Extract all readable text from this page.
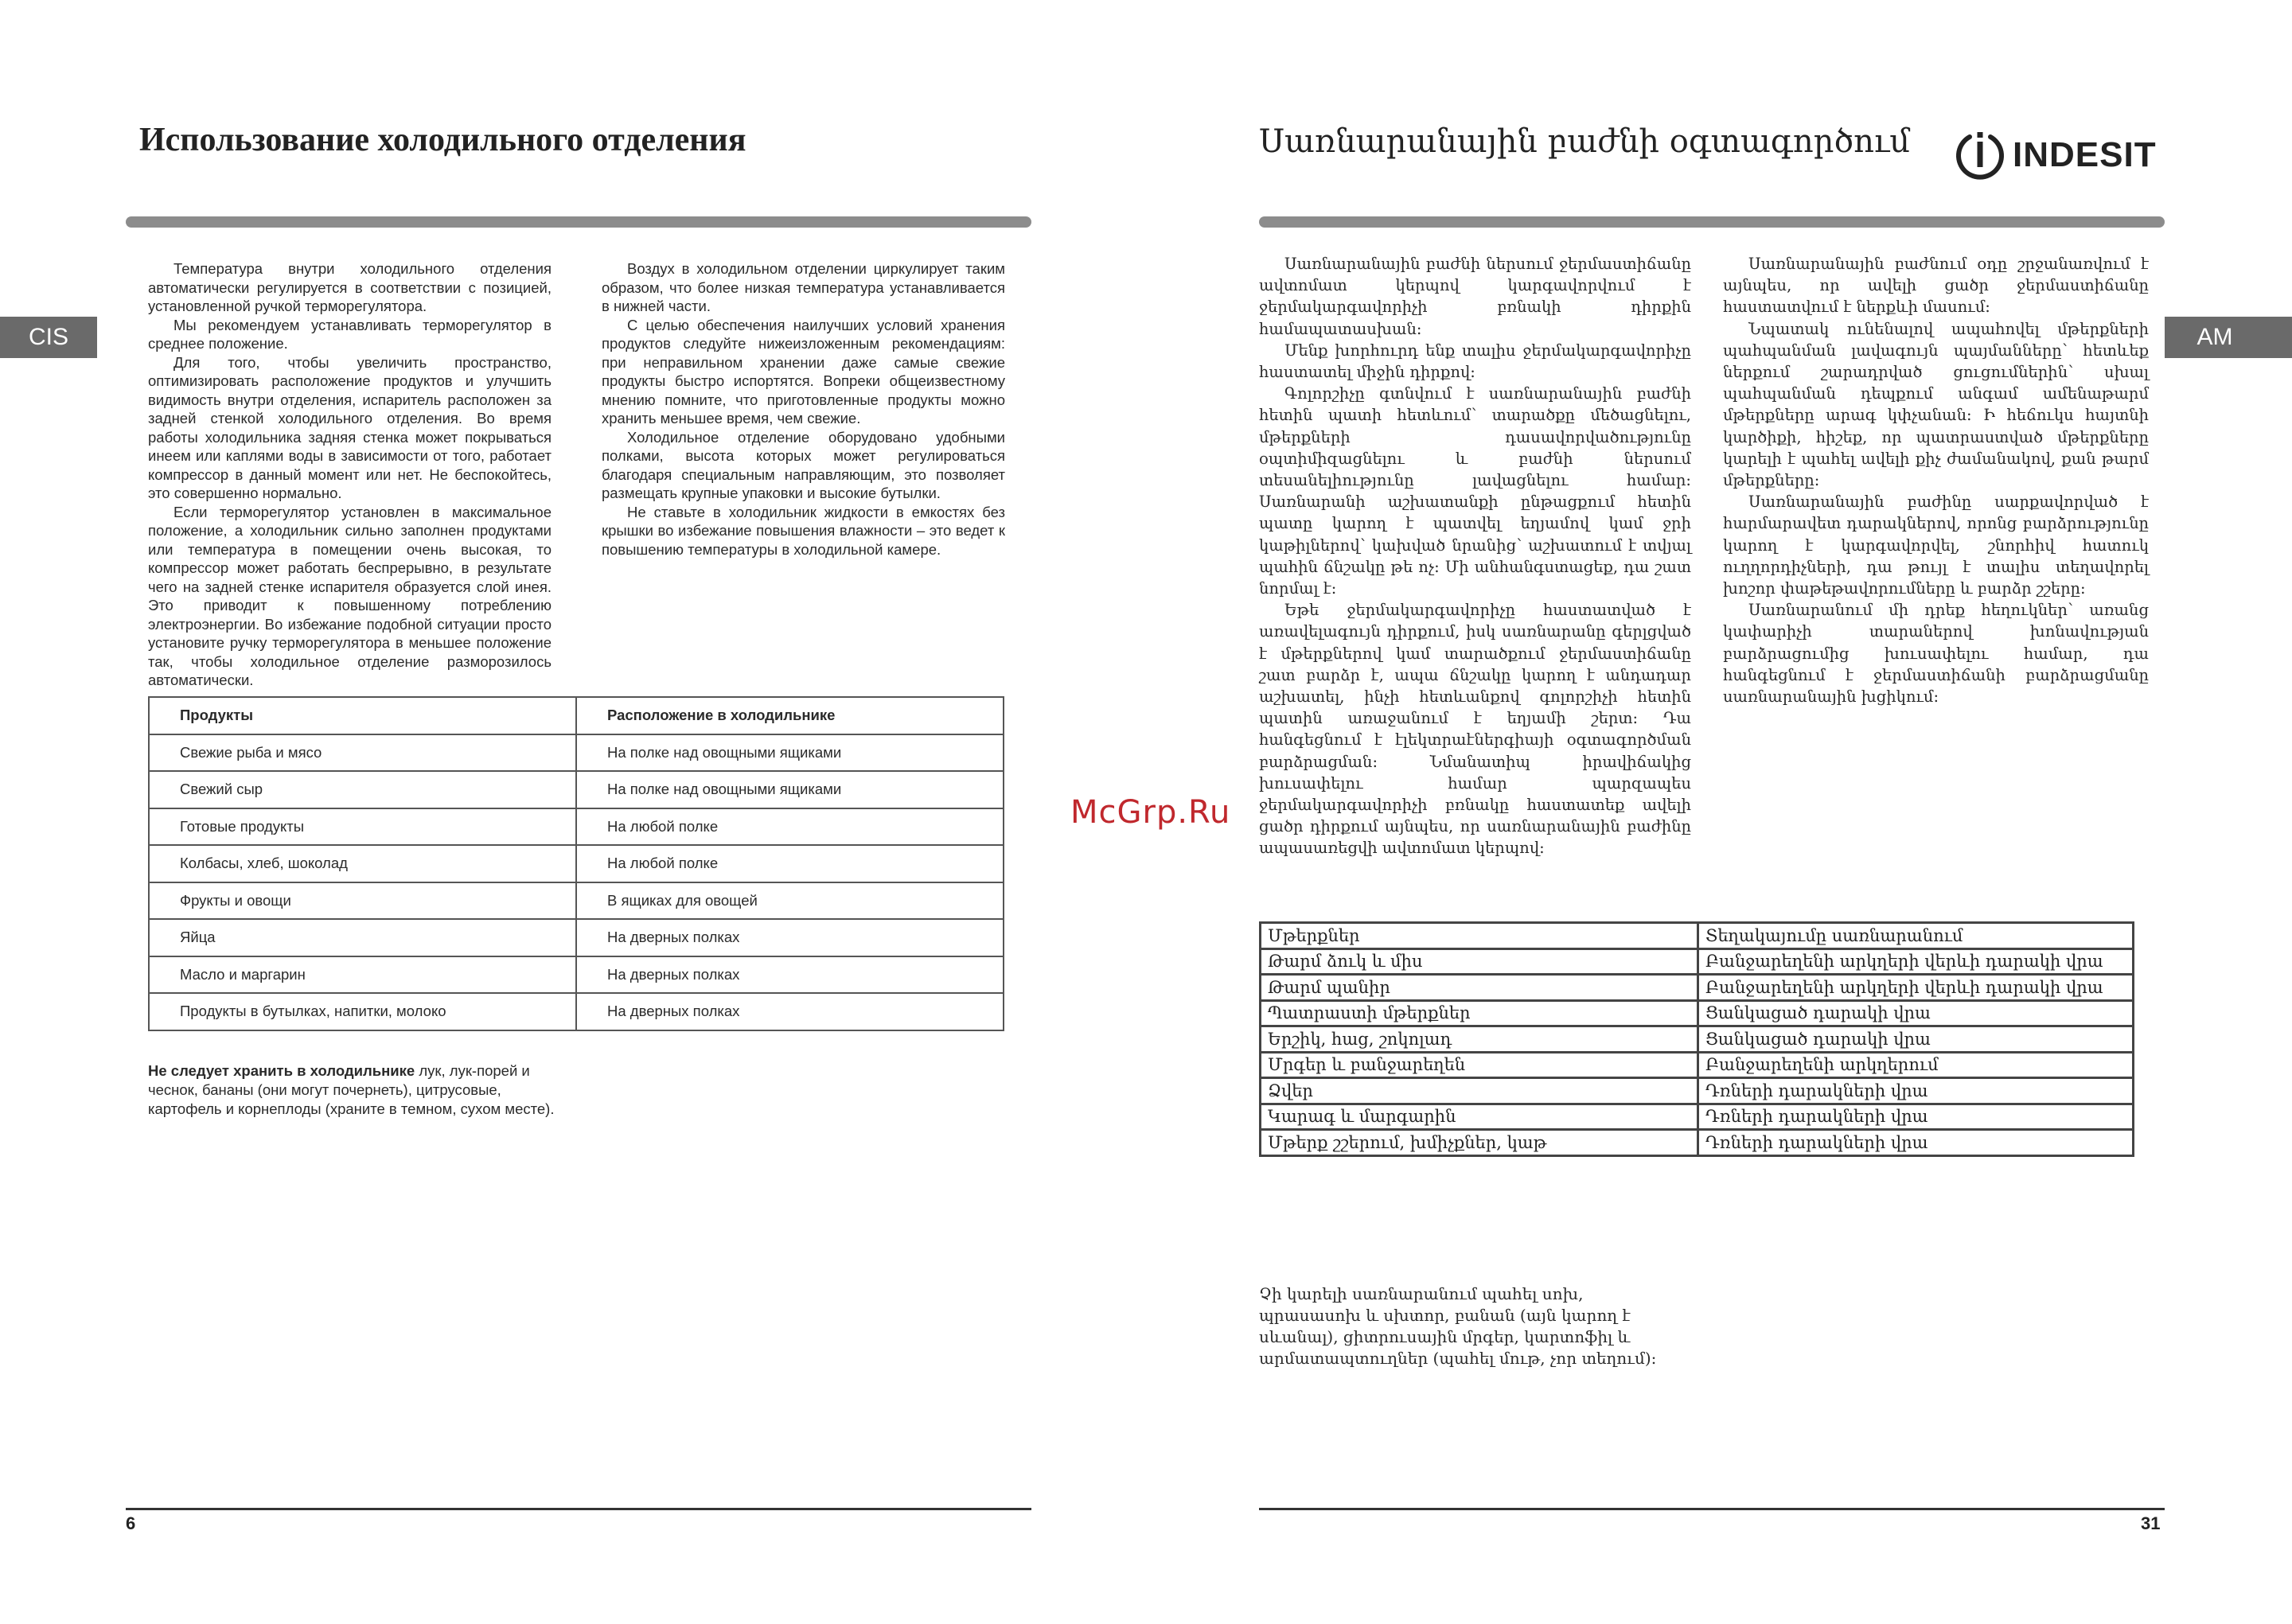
Использование холодильного отделения
CIS

Температура внутри холодильного отделения автоматически регулируется в соответствии с позицией, установленной ручкой терморегулятора.

Мы рекомендуем устанавливать терморегулятор в среднее положение.

Для того, чтобы увеличить пространство, оптимизировать расположение продуктов и улучшить видимость внутри отделения, испаритель расположен за задней стенкой холодильного отделения. Во время работы холодильника задняя стенка может покрываться инеем или каплями воды в зависимости от того, работает компрессор в данный момент или нет. Не беспокойтесь, это совершенно нормально.

Если терморегулятор установлен в максимальное положение, а холодильник сильно заполнен продуктами или температура в помещении очень высокая, то компрессор может работать беспрерывно, в результате чего на задней стенке испарителя образуется слой инея. Это приводит к повышенному потреблению электроэнергии. Во избежание подобной ситуации просто установите ручку терморегулятора в меньшее положение так, чтобы холодильное отделение разморозилось автоматически.

Воздух в холодильном отделении циркулирует таким образом, что более низкая температура устанавливается в нижней части.

С целью обеспечения наилучших условий хранения продуктов следуйте нижеизложенным рекомендациям: при неправильном хранении даже самые свежие продукты быстро испортятся. Вопреки общеизвестному мнению помните, что приготовленные продукты можно хранить меньшее время, чем свежие.

Холодильное отделение оборудовано удобными полками, высота которых может регулироваться благодаря специальным направляющим, это позволяет размещать крупные упаковки и высокие бутылки.

Не ставьте в холодильник жидкости в емкостях без крышки во избежание повышения влажности – это ведет к повышению температуры в холодильной камере.

Продукты	Расположение в холодильнике
Свежие рыба и мясо	На полке над овощными ящиками
Свежий сыр	На полке над овощными ящиками
Готовые продукты	На любой полке
Колбасы, хлеб, шоколад	На любой полке
Фрукты и овощи	В ящиках для овощей
Яйца	На дверных полках
Масло и маргарин	На дверных полках
Продукты в бутылках, напитки, молоко	На дверных полках
Не следует хранить в холодильнике лук, лук-порей и чеснок, бананы (они могут почернеть), цитрусовые, картофель и корнеплоды (храните в темном, сухом месте).
6
McGrp.Ru
Սառնարանային բաժնի օգտագործում	INDESIT
AM

Սառնարանային բաժնի ներսում ջերմաստիճանը ավտոմատ կերպով կարգավորվում է ջերմակարգավորիչի բռնակի դիրքին համապատասխան:

Մենք խորհուրդ ենք տալիս ջերմակարգավորիչը հաստատել միջին դիրքով:

Գոլորշիչը գտնվում է սառնարանային բաժնի հետին պատի հետևում՝ տարածքը մեծացնելու, մթերքների դասավորվածությունը օպտիմիզացնելու և բաժնի ներսում տեսանելիությունը լավացնելու համար: Սառնարանի աշխատանքի ընթացքում հետին պատը կարող է պատվել եղյամով կամ ջրի կաթիլներով՝ կախված նրանից՝ աշխատում է տվյալ պահին ճնշակը թե ոչ: Մի անհանգստացեք, դա շատ նորմալ է:

Եթե ջերմակարգավորիչը հաստատված է առավելագույն դիրքում, իսկ սառնարանը գերլցված է մթերքներով կամ տարածքում ջերմաստիճանը շատ բարձր է, ապա ճնշակը կարող է անդադար աշխատել, ինչի հետևանքով գոլորշիչի հետին պատին առաջանում է եղյամի շերտ: Դա հանգեցնում է էլեկտրաէներգիայի օգտագործման բարձրացման: Նմանատիպ իրավիճակից խուսափելու համար պարզապես ջերմակարգավորիչի բռնակը հաստատեք ավելի ցածր դիրքում այնպես, որ սառնարանային բաժինը ապասառեցվի ավտոմատ կերպով:

Սառնարանային բաժնում օդը շրջանառվում է այնպես, որ ավելի ցածր ջերմաստիճանը հաստատվում է ներքևի մասում:

Նպատակ ունենալով ապահովել մթերքների պահպանման լավագույն պայմանները՝ հետևեք ներքում շարադրված ցուցումներին՝ սխալ պահպանման դեպքում անգամ ամենաթարմ մթերքները արագ կփչանան: Ի հեճուկս հայտնի կարծիքի, հիշեք, որ պատրաստված մթերքները կարելի է պահել ավելի քիչ ժամանակով, քան թարմ մթերքները:

Սառնարանային բաժինը սարքավորված է հարմարավետ դարակներով, որոնց բարձրությունը կարող է կարգավորվել, շնորհիվ հատուկ ուղղորդիչների, դա թույլ է տալիս տեղավորել խոշոր փաթեթավորումները և բարձր շշերը:

Սառնարանում մի դրեք հեղուկներ՝ առանց կափարիչի տարաներով խոնավության բարձրացումից խուսափելու համար, դա հանգեցնում է ջերմաստիճանի բարձրացմանը սառնարանային խցիկում:

Մթերքներ	Տեղակայումը սառնարանում
Թարմ ձուկ և միս	Բանջարեղենի արկղերի վերևի դարակի վրա
Թարմ պանիր	Բանջարեղենի արկղերի վերևի դարակի վրա
Պատրաստի մթերքներ	Ցանկացած դարակի վրա
Երշիկ, հաց, շոկոլադ	Ցանկացած դարակի վրա
Մրգեր և բանջարեղեն	Բանջարեղենի արկղերում
Ձվեր	Դռների դարակների վրա
Կարագ և մարգարին	Դռների դարակների վրա
Մթերք շշերում, խմիչքներ, կաթ	Դռների դարակների վրա
Չի կարելի սառնարանում պահել սոխ, պրասասոխ և սխտոր, բանան (այն կարող է սևանալ), ցիտրուսային մրգեր, կարտոֆիլ և արմատապտուղներ (պահել մութ, չոր տեղում):
31
